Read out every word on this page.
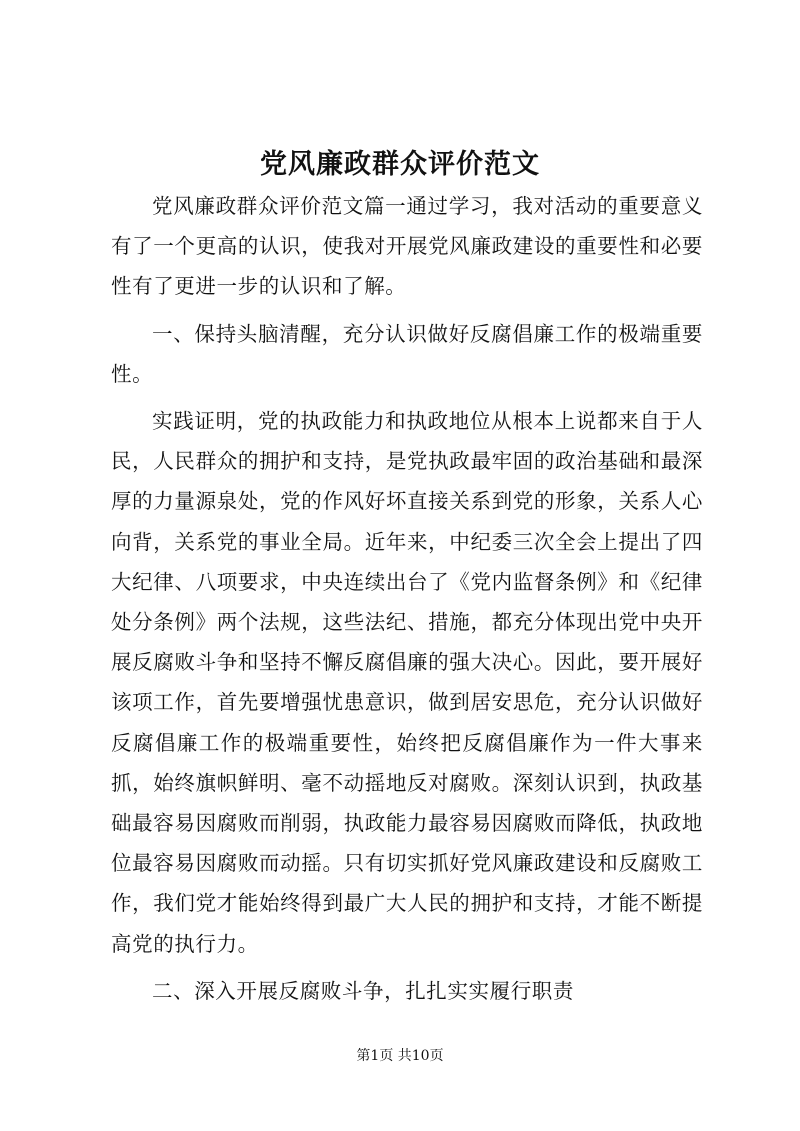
党风廉政群众评价范文

党风廉政群众评价范文篇一通过学习，我对活动的重要意义有了一个更高的认识，使我对开展党风廉政建设的重要性和必要性有了更进一步的认识和了解。

一、保持头脑清醒，充分认识做好反腐倡廉工作的极端重要性。

实践证明，党的执政能力和执政地位从根本上说都来自于人民，人民群众的拥护和支持，是党执政最牢固的政治基础和最深厚的力量源泉处，党的作风好坏直接关系到党的形象，关系人心向背，关系党的事业全局。近年来，中纪委三次全会上提出了四大纪律、八项要求，中央连续出台了《党内监督条例》和《纪律处分条例》两个法规，这些法纪、措施，都充分体现出党中央开展反腐败斗争和坚持不懈反腐倡廉的强大决心。因此，要开展好该项工作，首先要增强忧患意识，做到居安思危，充分认识做好反腐倡廉工作的极端重要性，始终把反腐倡廉作为一件大事来抓，始终旗帜鲜明、毫不动摇地反对腐败。深刻认识到，执政基础最容易因腐败而削弱，执政能力最容易因腐败而降低，执政地位最容易因腐败而动摇。只有切实抓好党风廉政建设和反腐败工作，我们党才能始终得到最广大人民的拥护和支持，才能不断提高党的执行力。

二、深入开展反腐败斗争，扎扎实实履行职责

第1页 共10页
